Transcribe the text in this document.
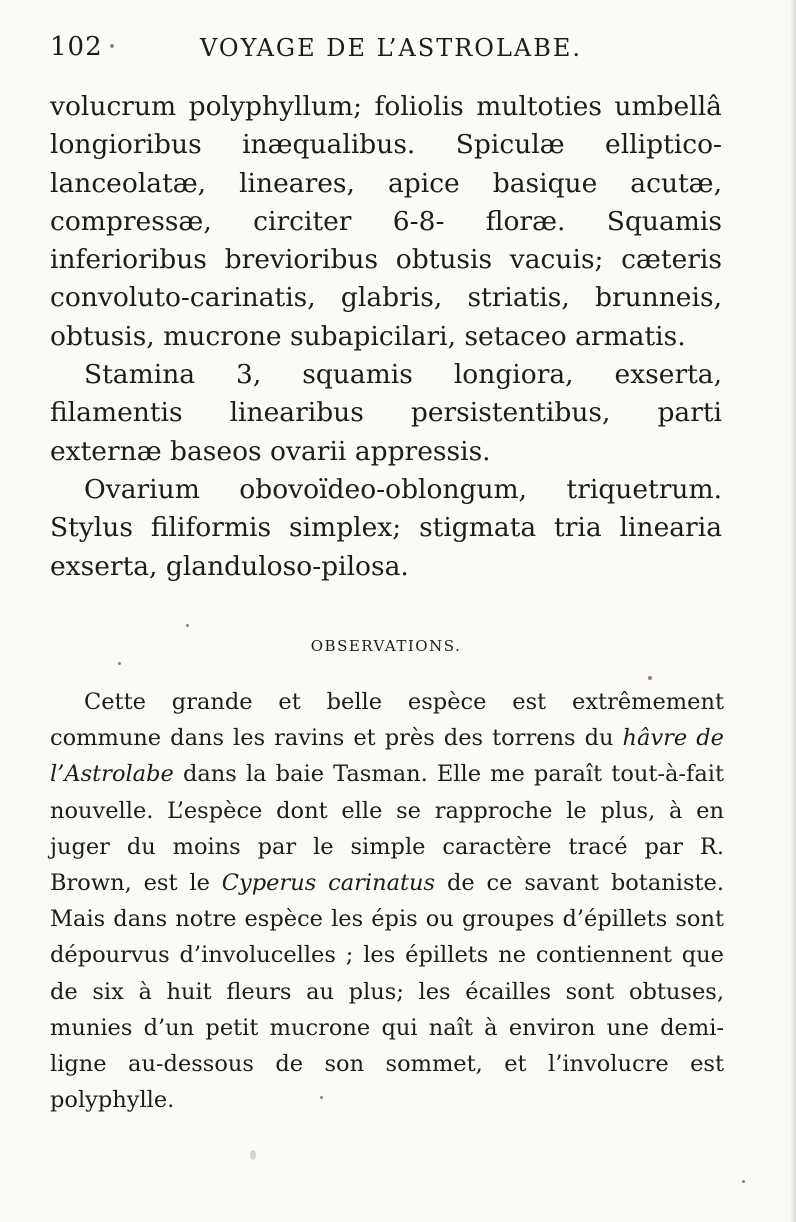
102	VOYAGE DE L’ASTROLABE.

volucrum polyphyllum; foliolis multoties umbellâ longioribus inæqualibus. Spiculæ elliptico-lanceolatæ, lineares, apice basique acutæ, compressæ, circiter 6-8- floræ. Squamis inferioribus brevioribus obtusis vacuis; cæteris convoluto-carinatis, glabris, striatis, brunneis, obtusis, mucrone subapicilari, setaceo armatis.

Stamina 3, squamis longiora, exserta, filamentis linearibus persistentibus, parti externæ baseos ovarii appressis.

Ovarium obovoïdeo-oblongum, triquetrum. Stylus filiformis simplex; stigmata tria linearia exserta, glanduloso-pilosa.

OBSERVATIONS.

Cette grande et belle espèce est extrêmement commune dans les ravins et près des torrens du hâvre de l’Astrolabe dans la baie Tasman. Elle me paraît tout-à-fait nouvelle. L’espèce dont elle se rapproche le plus, à en juger du moins par le simple caractère tracé par R. Brown, est le Cyperus carinatus de ce savant botaniste. Mais dans notre espèce les épis ou groupes d’épillets sont dépourvus d’involucelles ; les épillets ne contiennent que de six à huit fleurs au plus; les écailles sont obtuses, munies d’un petit mucrone qui naît à environ une demi-ligne au-dessous de son sommet, et l’involucre est polyphylle.
